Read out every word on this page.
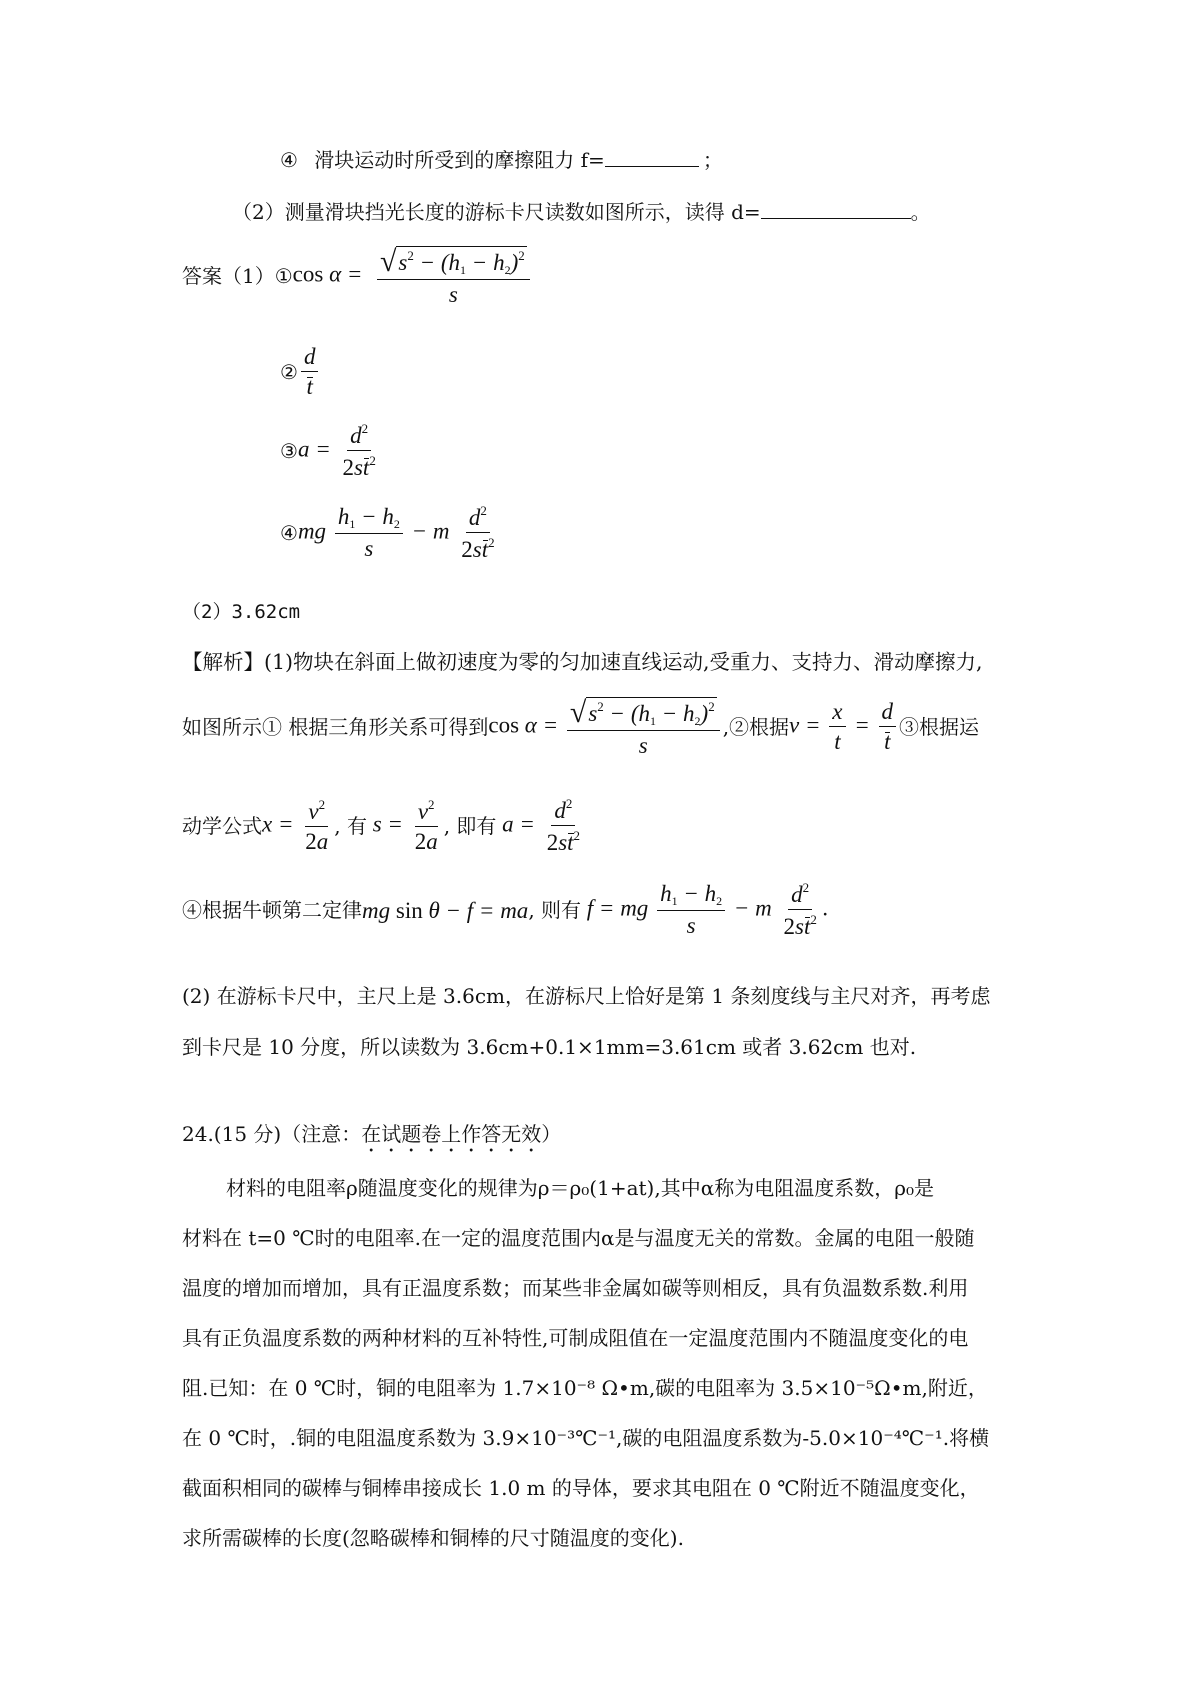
④ 滑块运动时所受到的摩擦阻力 f=	；
（2）测量滑块挡光长度的游标卡尺读数如图所示，读得 d=	。
答案（1） ① $\cos \alpha = \frac{√ s^2 - (h_1 - h_2)^2}{s}$
② $\frac{d}{t}$
③ $a = \frac{d^2}{2st^2}$
④ mg $\frac{h_1 - h_2}{s} - m \frac{d^2}{2st^2}$
（2）3.62cm
【解析】(1)物块在斜面上做初速度为零的匀加速直线运动,受重力、支持力、滑动摩擦力,
如图所示① 根据三角形关系可得到 $\cos \alpha = \frac{√ s^2 - (h_1 - h_2)^2}{s}$ ,②根据 $v = \frac{x}{t} = \frac{d}{t}$ ③根据运
动学公式 $x = \frac{v^2}{2a}$ , 有 $s = \frac{v^2}{2a}$ , 即有 $a = \frac{d^2}{2st^2}$
④根据牛顿第二定律 mg sin θ − f = ma , 则有 f = mg $\frac{h_1 - h_2}{s} - m \frac{d^2}{2st^2}$ .
(2) 在游标卡尺中，主尺上是 3.6cm，在游标尺上恰好是第 1 条刻度线与主尺对齐，再考虑
到卡尺是 10 分度，所以读数为 3.6cm+0.1×1mm=3.61cm 或者 3.62cm 也对.
24.(15 分)（注意：在试题卷上作答无效）
材料的电阻率ρ随温度变化的规律为ρ＝ρ₀(1+at),其中α称为电阻温度系数，ρ₀是
材料在 t=0 ℃时的电阻率.在一定的温度范围内α是与温度无关的常数。金属的电阻一般随
温度的增加而增加，具有正温度系数；而某些非金属如碳等则相反，具有负温数系数.利用
具有正负温度系数的两种材料的互补特性,可制成阻值在一定温度范围内不随温度变化的电
阻.已知：在 0 ℃时，铜的电阻率为 1.7×10⁻⁸ Ω•m,碳的电阻率为 3.5×10⁻⁵Ω•m,附近，
在 0 ℃时，.铜的电阻温度系数为 3.9×10⁻³℃⁻¹,碳的电阻温度系数为-5.0×10⁻⁴℃⁻¹.将横
截面积相同的碳棒与铜棒串接成长 1.0 m 的导体，要求其电阻在 0 ℃附近不随温度变化，
求所需碳棒的长度(忽略碳棒和铜棒的尺寸随温度的变化).
